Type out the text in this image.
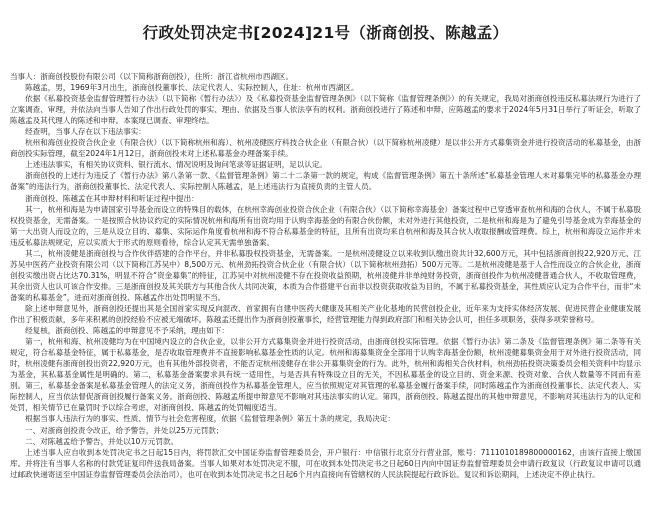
行政处罚决定书[2024]21号（浙商创投、陈越孟）

当事人：浙商创投股份有限公司（以下简称浙商创投），住所：浙江省杭州市西湖区。

陈越孟，男，1969年3月出生，浙商创投董事长、法定代表人、实际控制人，住址：杭州市西湖区。

依据《私募投资基金监督管理暂行办法》（以下简称《暂行办法》）及《私募投资基金监督管理条例》（以下简称《监督管理条例》）的有关规定，我局对浙商创投违反私募法规行为进行了立案调查、审理，并依法向当事人告知了作出行政处罚的事实、理由、依据及当事人依法享有的权利。浙商创投进行了陈述和申辩，应陈越孟的要求于2024年5月31日举行了听证会，听取了陈越孟及其代理人的陈述和申辩。本案现已调查、审理终结。

经查明，当事人存在以下违法事实：

杭州和海创业投资合伙企业（有限合伙）（以下简称杭州和海）、杭州凌健医疗科技合伙企业（有限合伙）（以下简称杭州凌健）是以非公开方式募集资金并进行投资活动的私募基金，由浙商创投实际管理，截至2024年1月12日，浙商创投未对上述私募基金办理备案手续。

上述违法事实，有相关协议资料、银行流水、情况说明及询问笔录等证据证明，足以认定。

浙商创投的上述行为违反了《暂行办法》第八条第一款、《监督管理条例》第二十二条第一款的规定，构成《监督管理条例》第五十条所述“私募基金管理人未对募集完毕的私募基金办理备案”的违法行为，浙商创投董事长、法定代表人、实际控制人陈越孟，是上述违法行为直接负责的主管人员。

浙商创投、陈越孟在其申辩材料和听证过程中提出：

其一，杭州和海是为申请国家引导基金而设立的特殊目的载体，在杭州幸海创业投资合伙企业（有限合伙）（以下简称幸海基金）备案过程中已穿透审查杭州和海的合伙人，不属于私募股权投资基金，无需备案。一是按照合伙协议约定的实际情况杭州和海所有出资均用于认购幸海基金的有限合伙份额，未对外进行其他投资，二是杭州和海是为了避免引导基金成为幸海基金的第一大出资人而设立的，三是从设立目的、募集、实际运作角度看杭州和海不符合私募基金的特征，且所有出资均来自杭州和海及其合伙人收取报酬或管理费。综上，杭州和海设立运作并未违反私募法规规定，应以实质大于形式的原则看待，综合认定其无需单独备案。

其二，杭州凌健是浙商创投与合作伙伴搭建的合作平台，并非私募股权投资基金，无需备案。一是杭州凌健设立以来收到认缴出资共计32,600万元，其中包括浙商创投22,920万元、江苏吴中医药产业投资有限公司（以下简称江苏吴中）8,500万元、杭州劲拓投资合伙企业（有限合伙）（以下简称杭州劲拓）500万元等。二是杭州凌健是基于人合性而设立的合伙企业，浙商创投实缴出资占比达70.31%，明显不符合“资金募集”的特征，江苏吴中对杭州凌健不存在投资收益预期，杭州凌健并非单纯财务投资，浙商创投作为杭州凌健普通合伙人，不收取管理费，其余出资人也认可该合作安排。三是浙商创投及其关联方与其他合伙人共同决策，本质为合作搭建平台而非以投资获取收益为目的，不属于私募投资基金，其性质应认定为合作平台，而非“未备案的私募基金”，进而对浙商创投、陈越孟作出处罚明显不当。

除上述申辩意见外，浙商创投还提出其是全国首家实现反向混改、首家拥有自建中医药大健康及其相关产业化基地的民营创投企业，近年来为支持实体经济发展、促进民营企业健康发展作出了积极贡献，多年来积累的创投经验不应被无端破坏。陈越孟还提出作为浙商创投董事长，经营管理能力得到政府部门和相关协会认可，担任多项职务，获得多项荣誉称号。

经复核，浙商创投、陈越孟的申辩意见不予采纳，理由如下：

第一，杭州和海、杭州凌健均为在中国境内设立的合伙企业，以非公开方式募集资金并进行投资活动，由浙商创投实际管理。依据《暂行办法》第二条及《监督管理条例》第二条等有关规定，符合私募基金特征，属于私募基金，是否收取管理费并不直接影响私募基金性质的认定。杭州和海募集资金全部用于认购幸海基金份额，杭州凌健募集资金用于对外进行投资活动，同时，杭州凌健有浙商创投出资22,920万元，也有其他外部投资者，不能否定杭州凌健存在非公开募集资金的行为。此外，杭州和海相关合伙材料，杭州劲拓投资决策委员会相关资料中均显示为基金，其私募基金属性是明确的。第二，私募基金备案要求具有统一适用性，与是否具有特殊设立目的无关，不因私募基金的设立目的、资金来源、投资对象、合伙人数量等不同而有差别。第三，私募基金备案是私募基金管理人的法定义务，浙商创投作为私募基金管理人，应当依照规定对其管理的私募基金履行备案手续，同时陈越孟作为浙商创投董事长、法定代表人、实际控制人，应当依法督促浙商创投履行备案义务。浙商创投、陈越孟所提申辩意见不影响对其违法事实的认定。第四，浙商创投、陈越孟提出的其他申辩意见，不影响对其违法行为的认定和处罚，相关情节已在量罚时予以综合考虑，对浙商创投、陈越孟的处罚幅度适当。

根据当事人违法行为的事实、性质、情节与社会危害程度，依据《监督管理条例》第五十条的规定，我局决定：

一、对浙商创投责令改正，给予警告，并处以25万元罚款；

二、对陈越孟给予警告，并处以10万元罚款。

上述当事人应自收到本处罚决定书之日起15日内，将罚款汇交中国证券监督管理委员会，开户银行：中信银行北京分行营业部，账号：7111010189800000162，由该行直接上缴国库。并将注有当事人名称的付款凭证复印件送我局备案。当事人如果对本处罚决定不服，可在收到本处罚决定书之日起60日内向中国证券监督管理委员会申请行政复议（行政复议申请可以通过邮政快递寄送至中国证券监督管理委员会法治司），也可在收到本处罚决定书之日起6个月内直接向有管辖权的人民法院提起行政诉讼。复议和诉讼期间，上述决定不停止执行。
